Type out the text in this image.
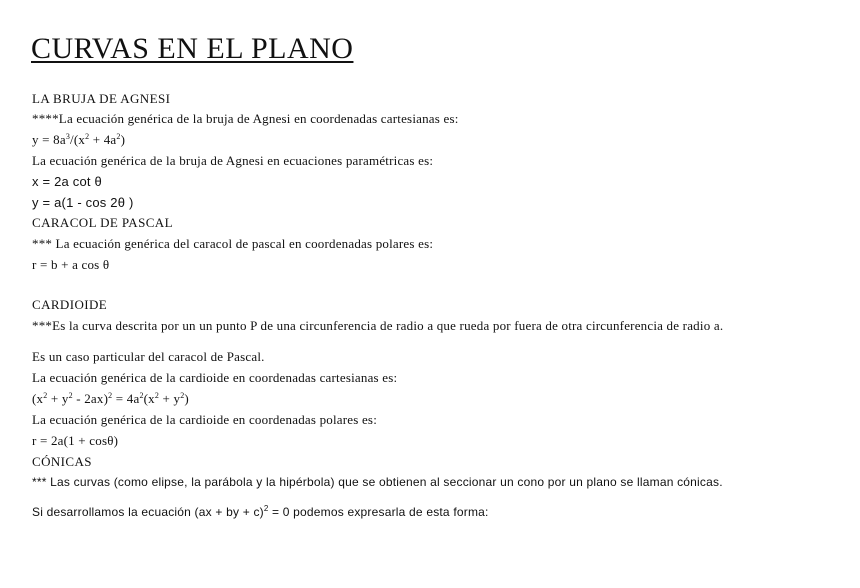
CURVAS EN EL PLANO
LA BRUJA DE AGNESI
****La ecuación genérica de la bruja de Agnesi en coordenadas cartesianas es:
$y = 8a^3/(x^2 + 4a^2)$
La ecuación genérica de la bruja de Agnesi en ecuaciones paramétricas es:
x = 2a cot θ
y = a(1 - cos 2θ )
CARACOL DE PASCAL
*** La ecuación genérica del caracol de pascal en coordenadas polares es:
r = b + a cos θ
CARDIOIDE
***Es la curva descrita por un un punto P de una circunferencia de radio a que rueda por fuera de otra circunferencia de radio a.
Es un caso particular del caracol de Pascal.
La ecuación genérica de la cardioide en coordenadas cartesianas es:
$(x^2 + y^2 - 2ax)^2 = 4a^2(x^2 + y^2)$
La ecuación genérica de la cardioide en coordenadas polares es:
r = 2a(1 + cosθ)
CÓNICAS
*** Las curvas (como elipse, la parábola y la hipérbola) que se obtienen al seccionar un cono por un plano se llaman cónicas.
Si desarrollamos la ecuación (ax + by + c)$^2$ = 0 podemos expresarla de esta forma:
